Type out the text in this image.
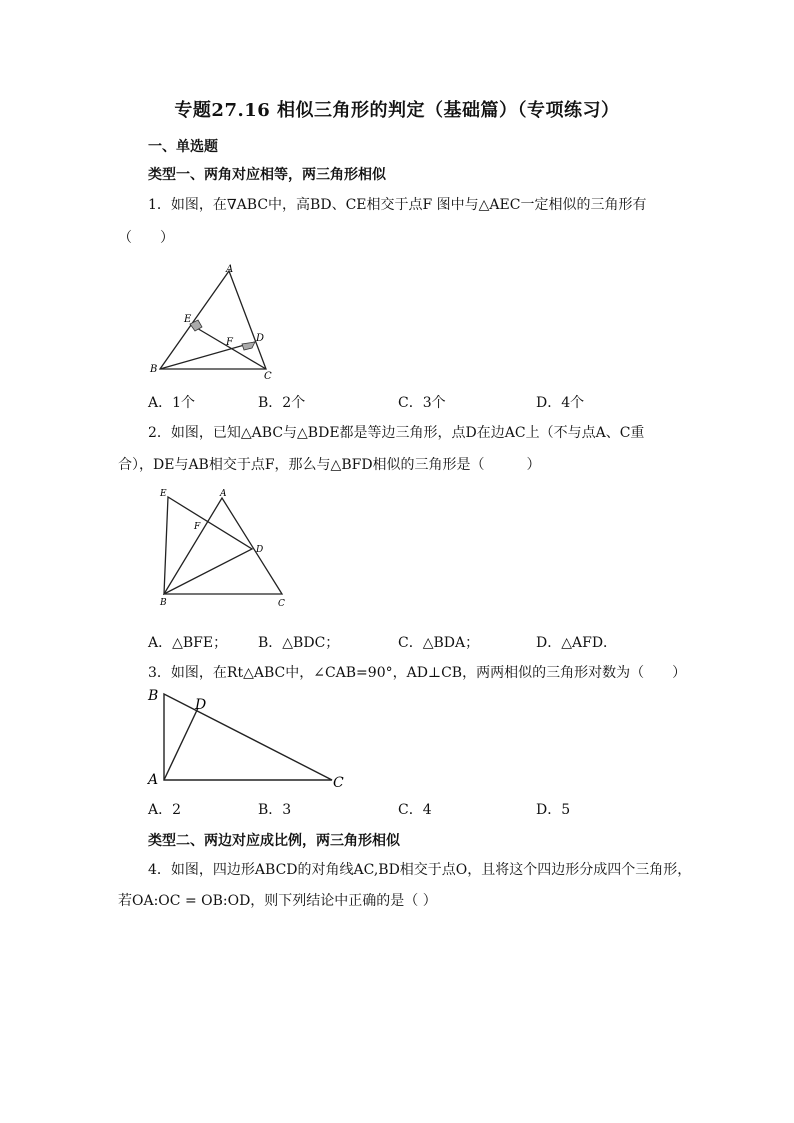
专题27.16 相似三角形的判定（基础篇）（专项练习）
一、单选题
类型一、两角对应相等，两三角形相似
1．如图，在∇ABC中，高BD、CE相交于点F 图中与△AEC一定相似的三角形有
（　　）
A
B
C
D
E
F
A．1个	B．2个	C．3个	D．4个
2．如图，已知△ABC与△BDE都是等边三角形，点D在边AC上（不与点A、C重
合），DE与AB相交于点F，那么与△BFD相似的三角形是（　　　）
A
B	C
D
E
F
A．△BFE； B．△BDC；	C．△BDA；	D．△AFD．
3．如图，在Rt△ABC中，∠CAB=90°，AD⊥CB，两两相似的三角形对数为（　　）
B
A	C
D
A．2	B．3	C．4	D．5
类型二、两边对应成比例，两三角形相似
4．如图，四边形ABCD的对角线AC,BD相交于点O，且将这个四边形分成四个三角形，
若OA:OC = OB:OD，则下列结论中正确的是（ ）
